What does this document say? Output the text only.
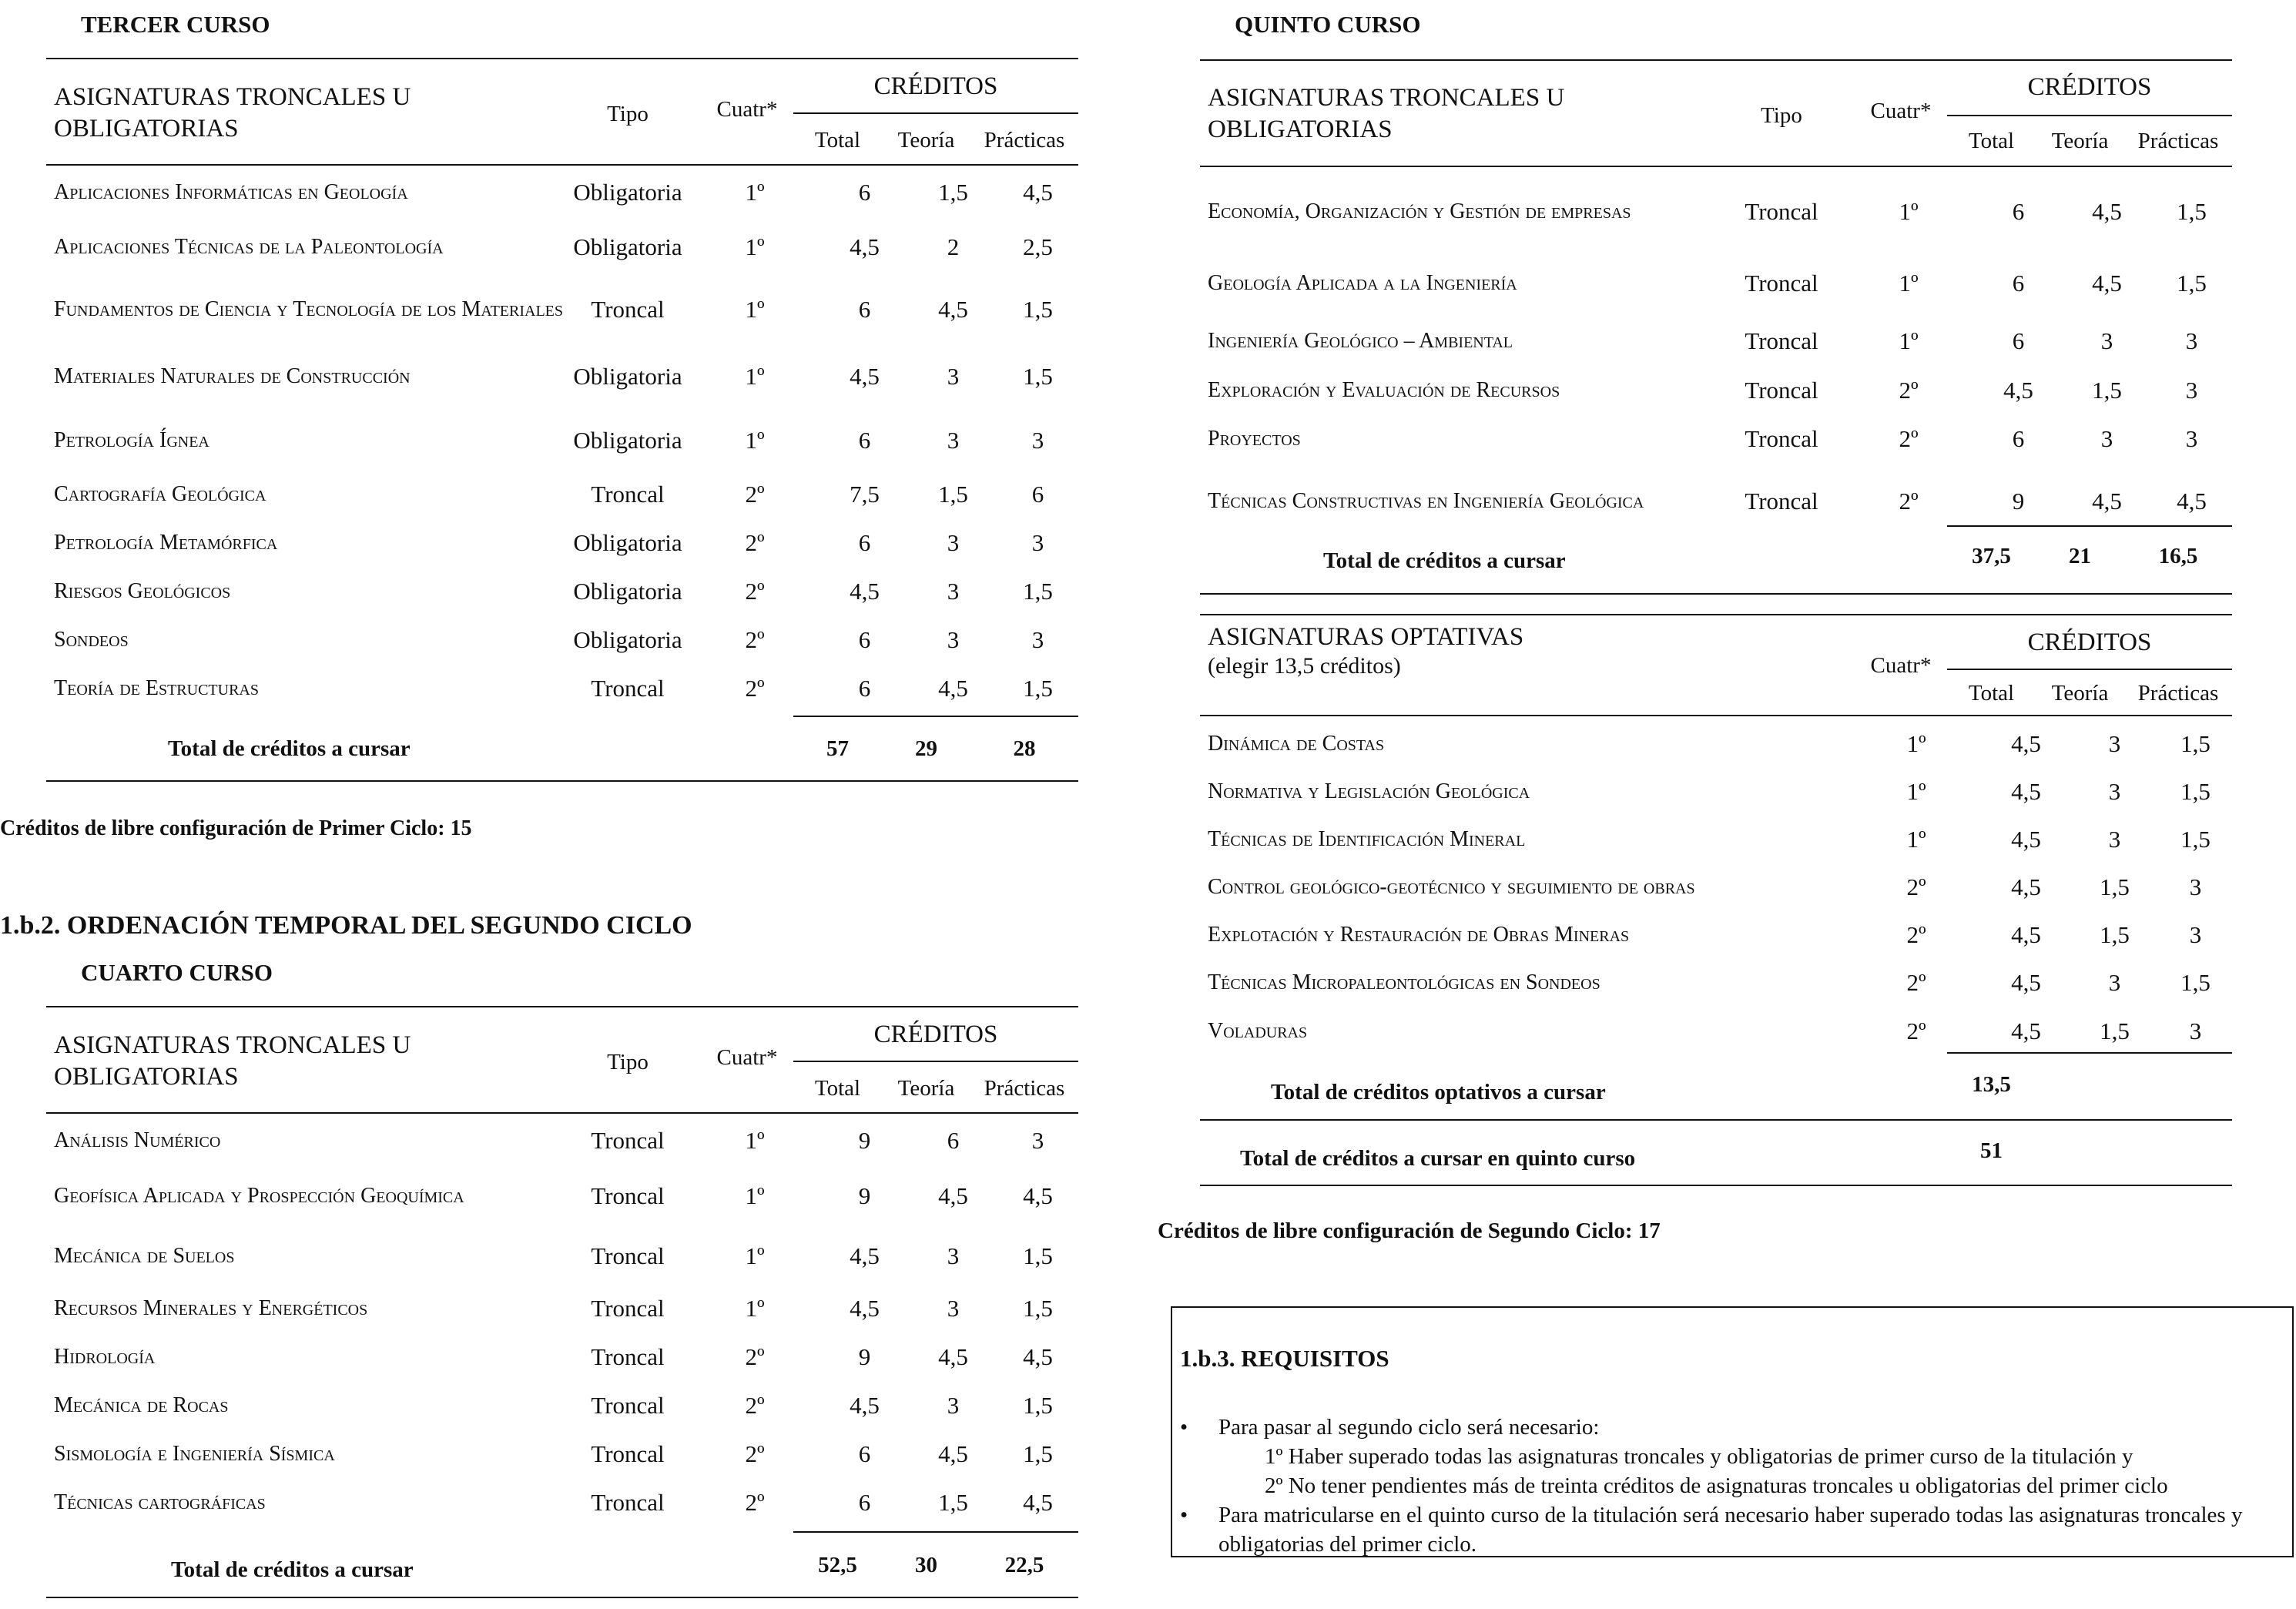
TERCER CURSO
ASIGNATURAS TRONCALES U OBLIGATORIAS
Tipo	Cuatr*
CRÉDITOS
Total	Teoría	Prácticas
Aplicaciones Informáticas en Geología	Obligatoria	1º	6	1,5	4,5
Aplicaciones Técnicas de la Paleontología	Obligatoria	1º	4,5	2	2,5
Fundamentos de Ciencia y Tecnología de los Materiales	Troncal	1º	6	4,5	1,5
Materiales Naturales de Construcción	Obligatoria	1º	4,5	3	1,5
Petrología Ígnea	Obligatoria	1º	6	3	3
Cartografía Geológica	Troncal	2º	7,5	1,5	6
Petrología Metamórfica	Obligatoria	2º	6	3	3
Riesgos Geológicos	Obligatoria	2º	4,5	3	1,5
Sondeos	Obligatoria	2º	6	3	3
Teoría de Estructuras	Troncal	2º	6	4,5	1,5
Total de créditos a cursar	57	29	28
Créditos de libre configuración de Primer Ciclo: 15
1.b.2. ORDENACIÓN TEMPORAL DEL SEGUNDO CICLO
CUARTO CURSO
ASIGNATURAS TRONCALES U OBLIGATORIAS
Tipo	Cuatr*
CRÉDITOS
Total	Teoría	Prácticas
Análisis Numérico	Troncal	1º	9	6	3
Geofísica Aplicada y Prospección Geoquímica	Troncal	1º	9	4,5	4,5
Mecánica de Suelos	Troncal	1º	4,5	3	1,5
Recursos Minerales y Energéticos	Troncal	1º	4,5	3	1,5
Hidrología	Troncal	2º	9	4,5	4,5
Mecánica de Rocas	Troncal	2º	4,5	3	1,5
Sismología e Ingeniería Sísmica	Troncal	2º	6	4,5	1,5
Técnicas cartográficas	Troncal	2º	6	1,5	4,5
Total de créditos a cursar	52,5	30	22,5
QUINTO CURSO
ASIGNATURAS TRONCALES U OBLIGATORIAS	Tipo	Cuatr*
CRÉDITOS
Total	Teoría	Prácticas
Economía, Organización y Gestión de empresas	Troncal	1º	6	4,5	1,5
Geología Aplicada a la Ingeniería	Troncal	1º	6	4,5	1,5
Ingeniería Geológico – Ambiental	Troncal	1º	6	3	3
Exploración y Evaluación de Recursos	Troncal	2º	4,5	1,5	3
Proyectos	Troncal	2º	6	3	3
Técnicas Constructivas en Ingeniería Geológica	Troncal	2º	9	4,5	4,5
Total de créditos a cursar	37,5	21	16,5
ASIGNATURAS OPTATIVAS
(elegir 13,5 créditos)	Cuatr*
CRÉDITOS
Total	Teoría	Prácticas
Dinámica de Costas	1º	4,5	3	1,5
Normativa y Legislación Geológica	1º	4,5	3	1,5
Técnicas de Identificación Mineral	1º	4,5	3	1,5
Control geológico-geotécnico y seguimiento de obras	2º	4,5	1,5	3
Explotación y Restauración de Obras Mineras	2º	4,5	1,5	3
Técnicas Micropaleontológicas en Sondeos	2º	4,5	3	1,5
Voladuras	2º	4,5	1,5	3
Total de créditos optativos a cursar	13,5
Total de créditos a cursar en quinto curso	51
Créditos de libre configuración de Segundo Ciclo: 17
1.b.3. REQUISITOS
• Para pasar al segundo ciclo será necesario:
1º Haber superado todas las asignaturas troncales y obligatorias de primer curso de la titulación y
2º No tener pendientes más de treinta créditos de asignaturas troncales u obligatorias del primer ciclo
• Para matricularse en el quinto curso de la titulación será necesario haber superado todas las asignaturas troncales y obligatorias del primer ciclo.
